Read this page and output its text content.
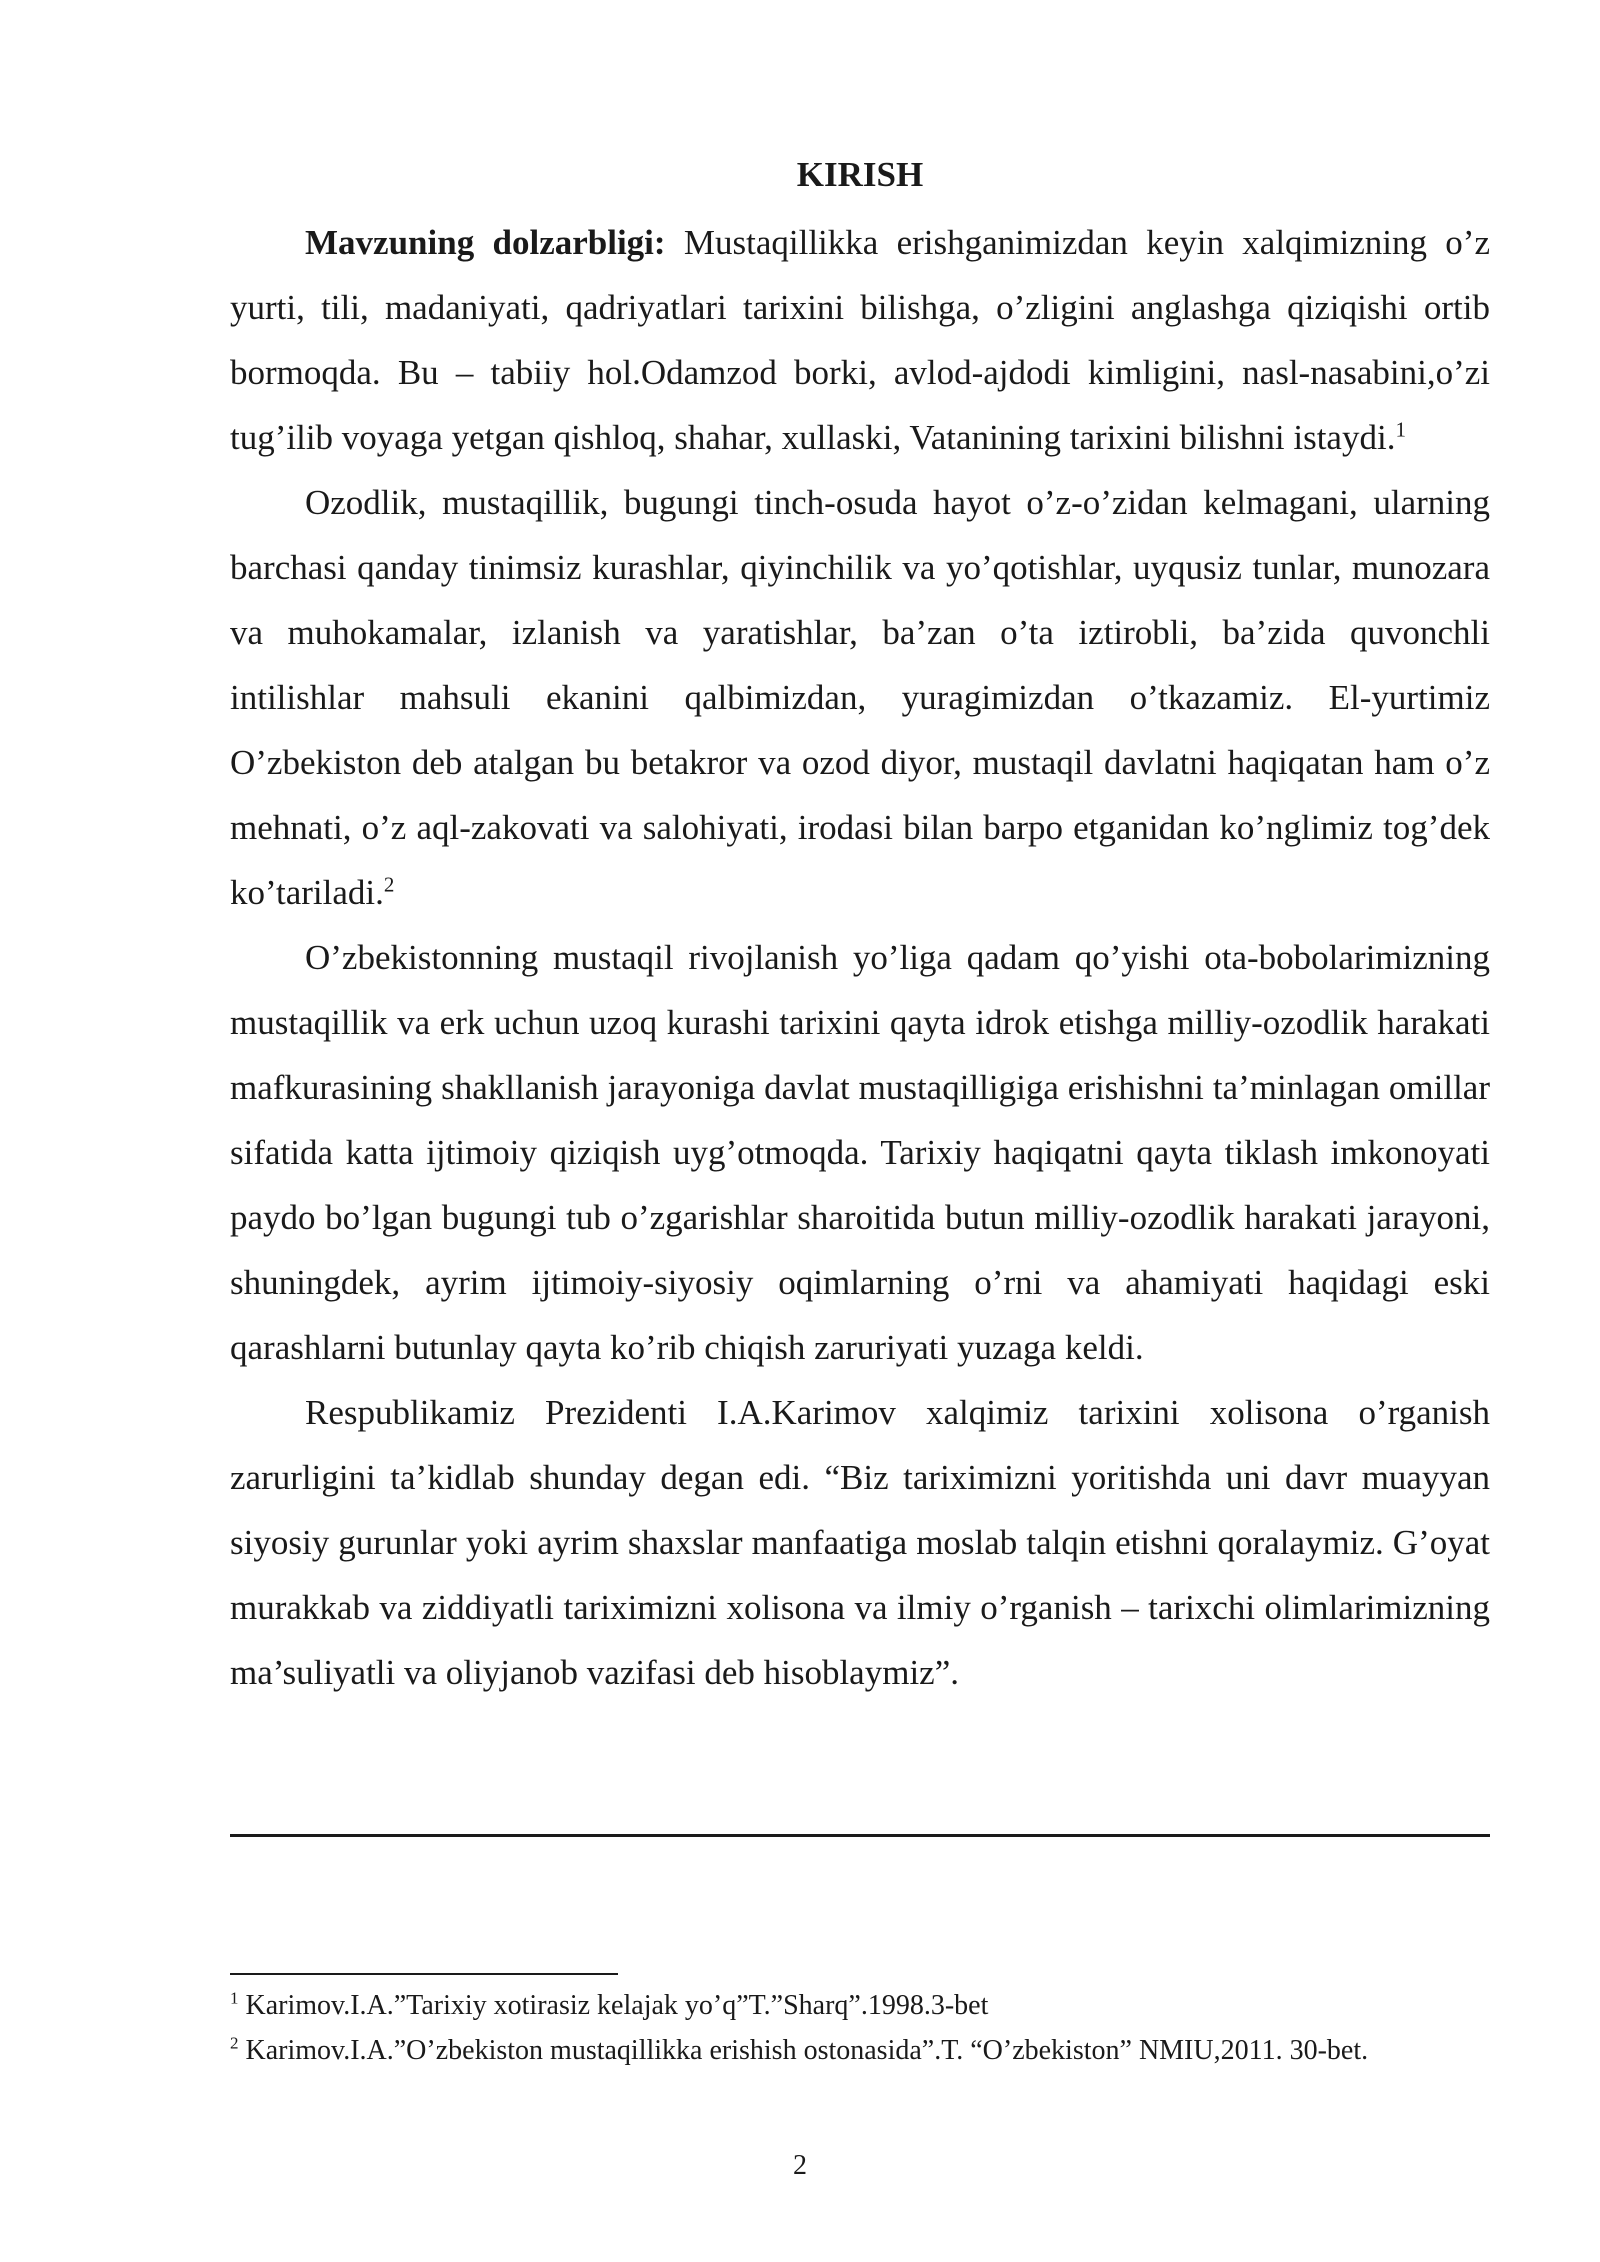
KIRISH

Mavzuning dolzarbligi: Mustaqillikka erishganimizdan keyin xalqimizning o’z yurti, tili, madaniyati, qadriyatlari tarixini bilishga, o’zligini anglashga qiziqishi ortib bormoqda. Bu – tabiiy hol.Odamzod borki, avlod-ajdodi kimligini, nasl-nasabini,o’zi tug’ilib voyaga yetgan qishloq, shahar, xullaski, Vatanining tarixini bilishni istaydi.$^1$

Ozodlik, mustaqillik, bugungi tinch-osuda hayot o’z-o’zidan kelmagani, ularning barchasi qanday tinimsiz kurashlar, qiyinchilik va yo’qotishlar, uyqusiz tunlar, munozara va muhokamalar, izlanish va yaratishlar, ba’zan o’ta iztirobli, ba’zida quvonchli intilishlar mahsuli ekanini qalbimizdan, yuragimizdan o’tkazamiz. El-yurtimiz O’zbekiston deb atalgan bu betakror va ozod diyor, mustaqil davlatni haqiqatan ham o’z mehnati, o’z aql-zakovati va salohiyati, irodasi bilan barpo etganidan ko’nglimiz tog’dek ko’tariladi.$^2$

O’zbekistonning mustaqil rivojlanish yo’liga qadam qo’yishi ota-bobolarimizning mustaqillik va erk uchun uzoq kurashi tarixini qayta idrok etishga milliy-ozodlik harakati mafkurasining shakllanish jarayoniga davlat mustaqilligiga erishishni ta’minlagan omillar sifatida katta ijtimoiy qiziqish uyg’otmoqda. Tarixiy haqiqatni qayta tiklash imkonoyati paydo bo’lgan bugungi tub o’zgarishlar sharoitida butun milliy-ozodlik harakati jarayoni, shuningdek, ayrim ijtimoiy-siyosiy oqimlarning o’rni va ahamiyati haqidagi eski qarashlarni butunlay qayta ko’rib chiqish zaruriyati yuzaga keldi.

Respublikamiz Prezidenti I.A.Karimov xalqimiz tarixini xolisona o’rganish zarurligini ta’kidlab shunday degan edi. “Biz tariximizni yoritishda uni davr muayyan siyosiy gurunlar yoki ayrim shaxslar manfaatiga moslab talqin etishni qoralaymiz. G’oyat murakkab va ziddiyatli tariximizni xolisona va ilmiy o’rganish – tarixchi olimlarimizning ma’suliyatli va oliyjanob vazifasi deb hisoblaymiz”.

$^1$ Karimov.I.A.”Tarixiy xotirasiz kelajak yo’q”T.”Sharq”.1998.3-bet

$^2$ Karimov.I.A.”O’zbekiston mustaqillikka erishish ostonasida”.T. “O’zbekiston” NMIU,2011. 30-bet.

2
